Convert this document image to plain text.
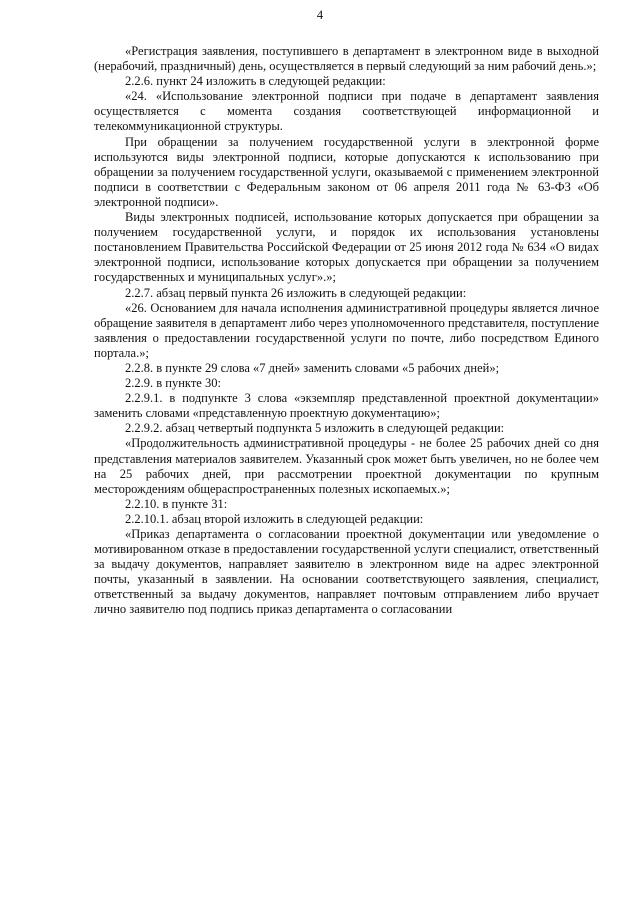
4

«Регистрация заявления, поступившего в департамент в электронном виде в выходной (нерабочий, праздничный) день, осуществляется в первый следующий за ним рабочий день.»;

2.2.6. пункт 24 изложить в следующей редакции:

«24. «Использование электронной подписи при подаче в департамент заявления осуществляется с момента создания соответствующей информационной и телекоммуникационной структуры.

При обращении за получением государственной услуги в электронной форме используются виды электронной подписи, которые допускаются к использованию при обращении за получением государственной услуги, оказываемой с применением электронной подписи в соответствии с Федеральным законом от 06 апреля 2011 года № 63-ФЗ «Об электронной подписи».

Виды электронных подписей, использование которых допускается при обращении за получением государственной услуги, и порядок их использования установлены постановлением Правительства Российской Федерации от 25 июня 2012 года № 634 «О видах электронной подписи, использование которых допускается при обращении за получением государственных и муниципальных услуг».»;

2.2.7. абзац первый пункта 26 изложить в следующей редакции:

«26. Основанием для начала исполнения административной процедуры является личное обращение заявителя в департамент либо через уполномоченного представителя, поступление заявления о предоставлении государственной услуги по почте, либо посредством Единого портала.»;

2.2.8. в пункте 29 слова «7 дней» заменить словами «5 рабочих дней»;

2.2.9. в пункте 30:

2.2.9.1. в подпункте 3 слова «экземпляр представленной проектной документации» заменить словами «представленную проектную документацию»;

2.2.9.2. абзац четвертый подпункта 5 изложить в следующей редакции:

«Продолжительность административной процедуры - не более 25 рабочих дней со дня представления материалов заявителем. Указанный срок может быть увеличен, но не более чем на 25 рабочих дней, при рассмотрении проектной документации по крупным месторождениям общераспространенных полезных ископаемых.»;

2.2.10. в пункте 31:

2.2.10.1. абзац второй изложить в следующей редакции:

«Приказ департамента о согласовании проектной документации или уведомление о мотивированном отказе в предоставлении государственной услуги специалист, ответственный за выдачу документов, направляет заявителю в электронном виде на адрес электронной почты, указанный в заявлении. На основании соответствующего заявления, специалист, ответственный за выдачу документов, направляет почтовым отправлением либо вручает лично заявителю под подпись приказ департамента о согласовании
